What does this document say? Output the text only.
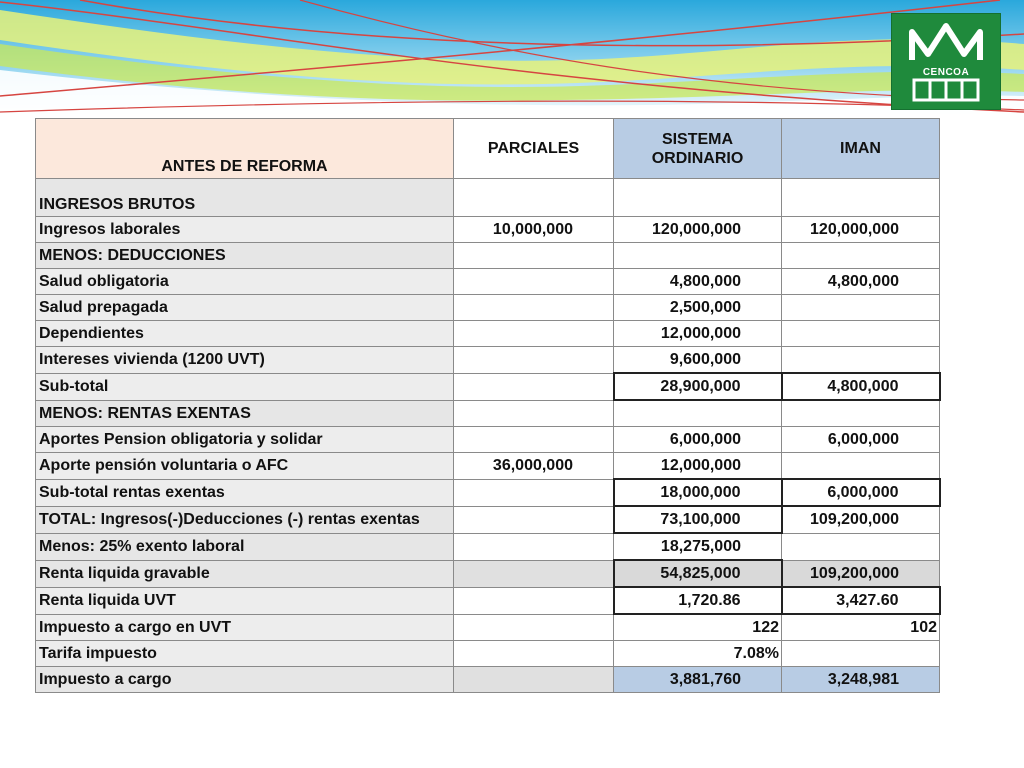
CENCOA
ANTES DE REFORMA	PARCIALES	SISTEMA ORDINARIO	IMAN
INGRESOS BRUTOS			
Ingresos laborales	10,000,000	120,000,000	120,000,000
MENOS: DEDUCCIONES			
Salud obligatoria		4,800,000	4,800,000
Salud prepagada		2,500,000	
Dependientes		12,000,000	
Intereses vivienda (1200 UVT)		9,600,000	
Sub-total		28,900,000	4,800,000
MENOS: RENTAS EXENTAS			
Aportes Pension obligatoria y solidar		6,000,000	6,000,000
Aporte pensión voluntaria o AFC	36,000,000	12,000,000	
Sub-total rentas exentas		18,000,000	6,000,000
TOTAL: Ingresos(-)Deducciones (-) rentas exentas		73,100,000	109,200,000
Menos: 25% exento laboral		18,275,000	
Renta liquida gravable		54,825,000	109,200,000
Renta liquida UVT		1,720.86	3,427.60
Impuesto a cargo en UVT		122	102
Tarifa impuesto		7.08%	
Impuesto a cargo		3,881,760	3,248,981
